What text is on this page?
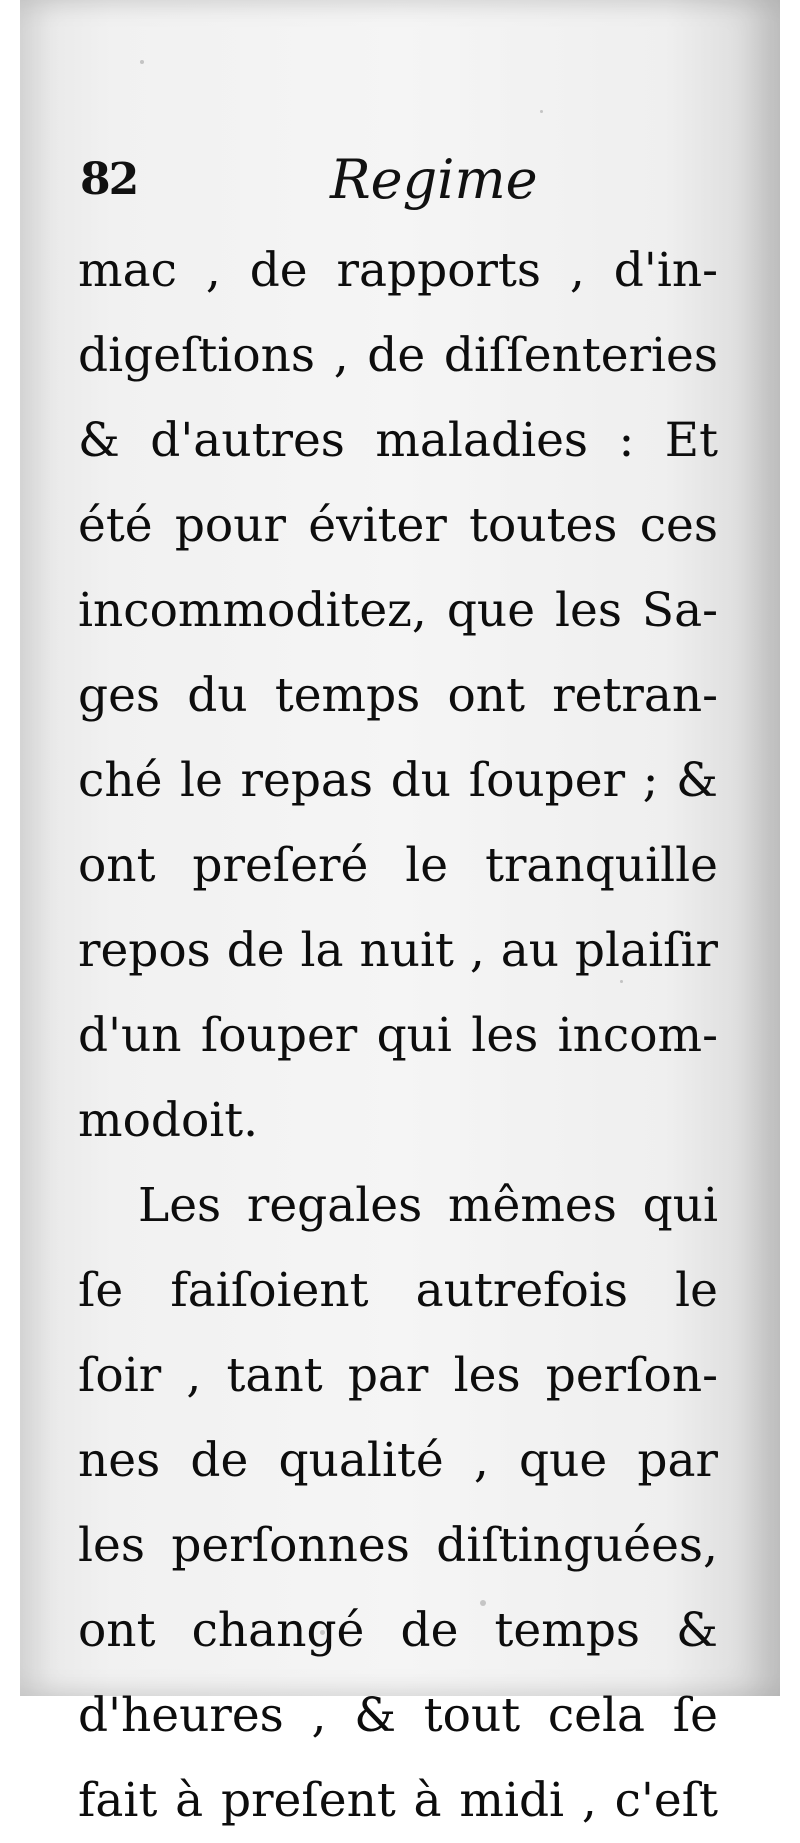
82	Regime
mac , de rapports , d'in-
digeſtions , de diſſenteries
& d'autres maladies : Et
été pour éviter toutes ces
incommoditez, que les Sa-
ges du temps ont retran-
ché le repas du ſouper ; &
ont preſeré le tranquille
repos de la nuit , au plaiſir
d'un ſouper qui les incom-
modoit.
Les regales mêmes qui
ſe faiſoient autrefois le
ſoir , tant par les perſon-
nes de qualité , que par
les perſonnes diſtinguées,
ont changé de temps &
d'heures , & tout cela ſe
fait à preſent à midi , c'eſt
